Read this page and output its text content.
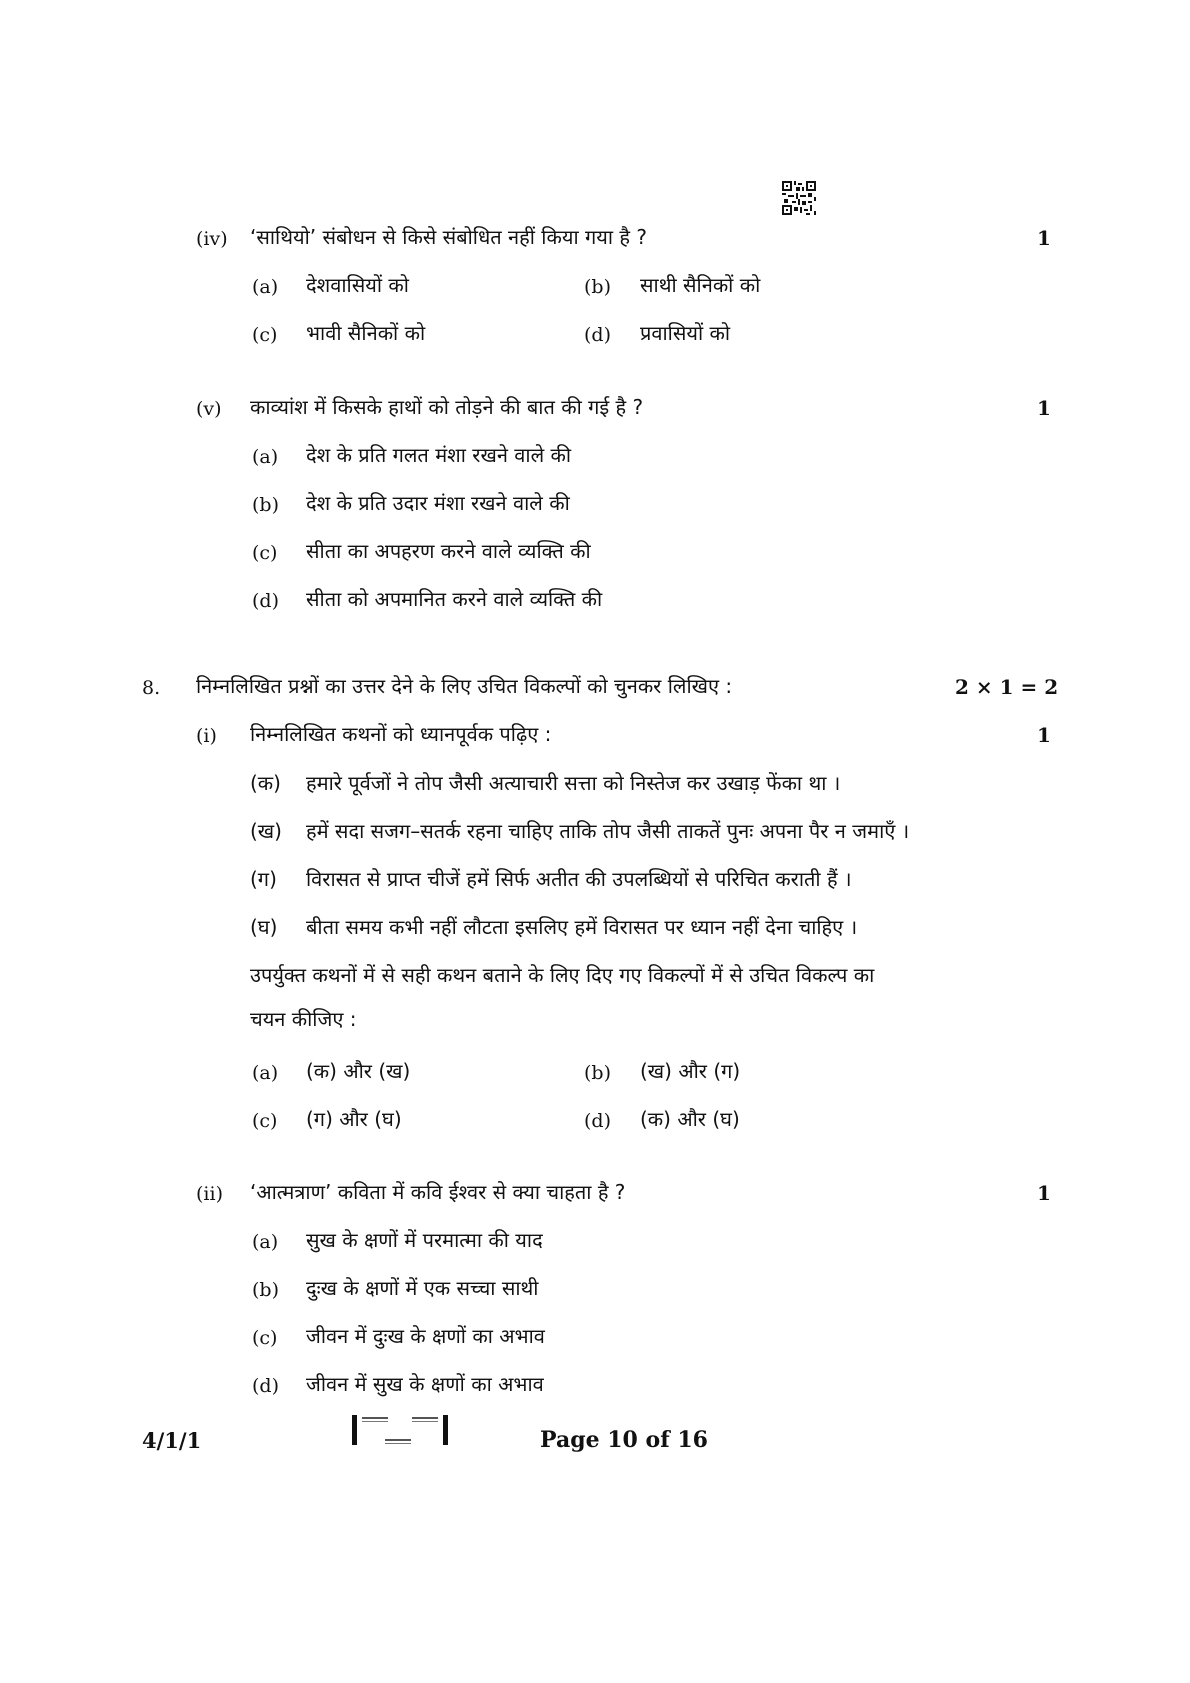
(iv) ‘साथियो’ संबोधन से किसे संबोधित नहीं किया गया है ?	1
(a) देशवासियों को	(b) साथी सैनिकों को
(c) भावी सैनिकों को	(d) प्रवासियों को
(v) काव्यांश में किसके हाथों को तोड़ने की बात की गई है ?	1
(a) देश के प्रति गलत मंशा रखने वाले की
(b) देश के प्रति उदार मंशा रखने वाले की
(c) सीता का अपहरण करने वाले व्यक्ति की
(d) सीता को अपमानित करने वाले व्यक्ति की
8. निम्नलिखित प्रश्नों का उत्तर देने के लिए उचित विकल्पों को चुनकर लिखिए :	2 × 1 = 2
(i) निम्नलिखित कथनों को ध्यानपूर्वक पढ़िए :	1
(क) हमारे पूर्वजों ने तोप जैसी अत्याचारी सत्ता को निस्तेज कर उखाड़ फेंका था ।
(ख) हमें सदा सजग–सतर्क रहना चाहिए ताकि तोप जैसी ताकतें पुनः अपना पैर न जमाएँ ।
(ग) विरासत से प्राप्त चीजें हमें सिर्फ अतीत की उपलब्धियों से परिचित कराती हैं ।
(घ) बीता समय कभी नहीं लौटता इसलिए हमें विरासत पर ध्यान नहीं देना चाहिए ।
उपर्युक्त कथनों में से सही कथन बताने के लिए दिए गए विकल्पों में से उचित विकल्प का
चयन कीजिए :
(a) (क) और (ख)	(b) (ख) और (ग)
(c) (ग) और (घ)	(d) (क) और (घ)
(ii) ‘आत्मत्राण’ कविता में कवि ईश्वर से क्या चाहता है ?	1
(a) सुख के क्षणों में परमात्मा की याद
(b) दुःख के क्षणों में एक सच्चा साथी
(c) जीवन में दुःख के क्षणों का अभाव
(d) जीवन में सुख के क्षणों का अभाव
4/1/1	Page 10 of 16
